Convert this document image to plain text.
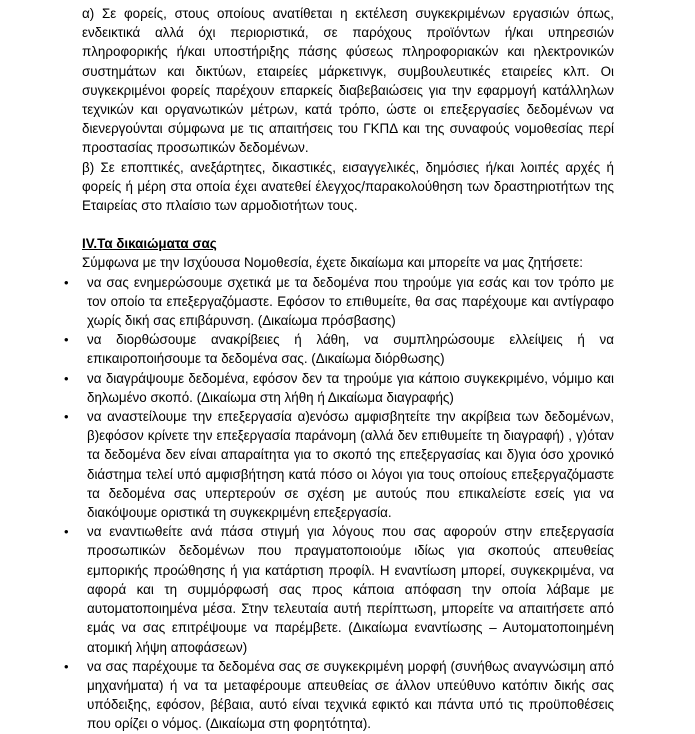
α) Σε φορείς, στους οποίους ανατίθεται η εκτέλεση συγκεκριμένων εργασιών όπως, ενδεικτικά αλλά όχι περιοριστικά, σε παρόχους προϊόντων ή/και υπηρεσιών πληροφορικής ή/και υποστήριξης πάσης φύσεως πληροφοριακών και ηλεκτρονικών συστημάτων και δικτύων, εταιρείες μάρκετινγκ, συμβουλευτικές εταιρείες κλπ. Οι συγκεκριμένοι φορείς παρέχουν επαρκείς διαβεβαιώσεις για την εφαρμογή κατάλληλων τεχνικών και οργανωτικών μέτρων, κατά τρόπο, ώστε οι επεξεργασίες δεδομένων να διενεργούνται σύμφωνα με τις απαιτήσεις του ΓΚΠΔ και της συναφούς νομοθεσίας περί προστασίας προσωπικών δεδομένων.

β) Σε εποπτικές, ανεξάρτητες, δικαστικές, εισαγγελικές, δημόσιες ή/και λοιπές αρχές ή φορείς ή μέρη στα οποία έχει ανατεθεί έλεγχος/παρακολούθηση των δραστηριοτήτων της Εταιρείας στο πλαίσιο των αρμοδιοτήτων τους.

IV.Τα δικαιώματα σας

Σύμφωνα με την Ισχύουσα Νομοθεσία, έχετε δικαίωμα και μπορείτε να μας ζητήσετε:

• να σας ενημερώσουμε σχετικά με τα δεδομένα που τηρούμε για εσάς και τον τρόπο με τον οποίο τα επεξεργαζόμαστε. Εφόσον το επιθυμείτε, θα σας παρέχουμε και αντίγραφο χωρίς δική σας επιβάρυνση. (Δικαίωμα πρόσβασης)
• να διορθώσουμε ανακρίβειες ή λάθη, να συμπληρώσουμε ελλείψεις ή να επικαιροποιήσουμε τα δεδομένα σας. (Δικαίωμα διόρθωσης)
• να διαγράψουμε δεδομένα, εφόσον δεν τα τηρούμε για κάποιο συγκεκριμένο, νόμιμο και δηλωμένο σκοπό. (Δικαίωμα στη λήθη ή Δικαίωμα διαγραφής)
• να αναστείλουμε την επεξεργασία α)ενόσω αμφισβητείτε την ακρίβεια των δεδομένων, β)εφόσον κρίνετε την επεξεργασία παράνομη (αλλά δεν επιθυμείτε τη διαγραφή) , γ)όταν τα δεδομένα δεν είναι απαραίτητα για το σκοπό της επεξεργασίας και δ)για όσο χρονικό διάστημα τελεί υπό αμφισβήτηση κατά πόσο οι λόγοι για τους οποίους επεξεργαζόμαστε τα δεδομένα σας υπερτερούν σε σχέση με αυτούς που επικαλείστε εσείς για να διακόψουμε οριστικά τη συγκεκριμένη επεξεργασία.
• να εναντιωθείτε ανά πάσα στιγμή για λόγους που σας αφορούν στην επεξεργασία προσωπικών δεδομένων που πραγματοποιούμε ιδίως για σκοπούς απευθείας εμπορικής προώθησης ή για κατάρτιση προφίλ. Η εναντίωση μπορεί, συγκεκριμένα, να αφορά και τη συμμόρφωσή σας προς κάποια απόφαση την οποία λάβαμε με αυτοματοποιημένα μέσα. Στην τελευταία αυτή περίπτωση, μπορείτε να απαιτήσετε από εμάς να σας επιτρέψουμε να παρέμβετε. (Δικαίωμα εναντίωσης – Αυτοματοποιημένη ατομική λήψη αποφάσεων)
• να σας παρέχουμε τα δεδομένα σας σε συγκεκριμένη μορφή (συνήθως αναγνώσιμη από μηχανήματα) ή να τα μεταφέρουμε απευθείας σε άλλον υπεύθυνο κατόπιν δικής σας υπόδειξης, εφόσον, βέβαια, αυτό είναι τεχνικά εφικτό και πάντα υπό τις προϋποθέσεις που ορίζει ο νόμος. (Δικαίωμα στη φορητότητα).
